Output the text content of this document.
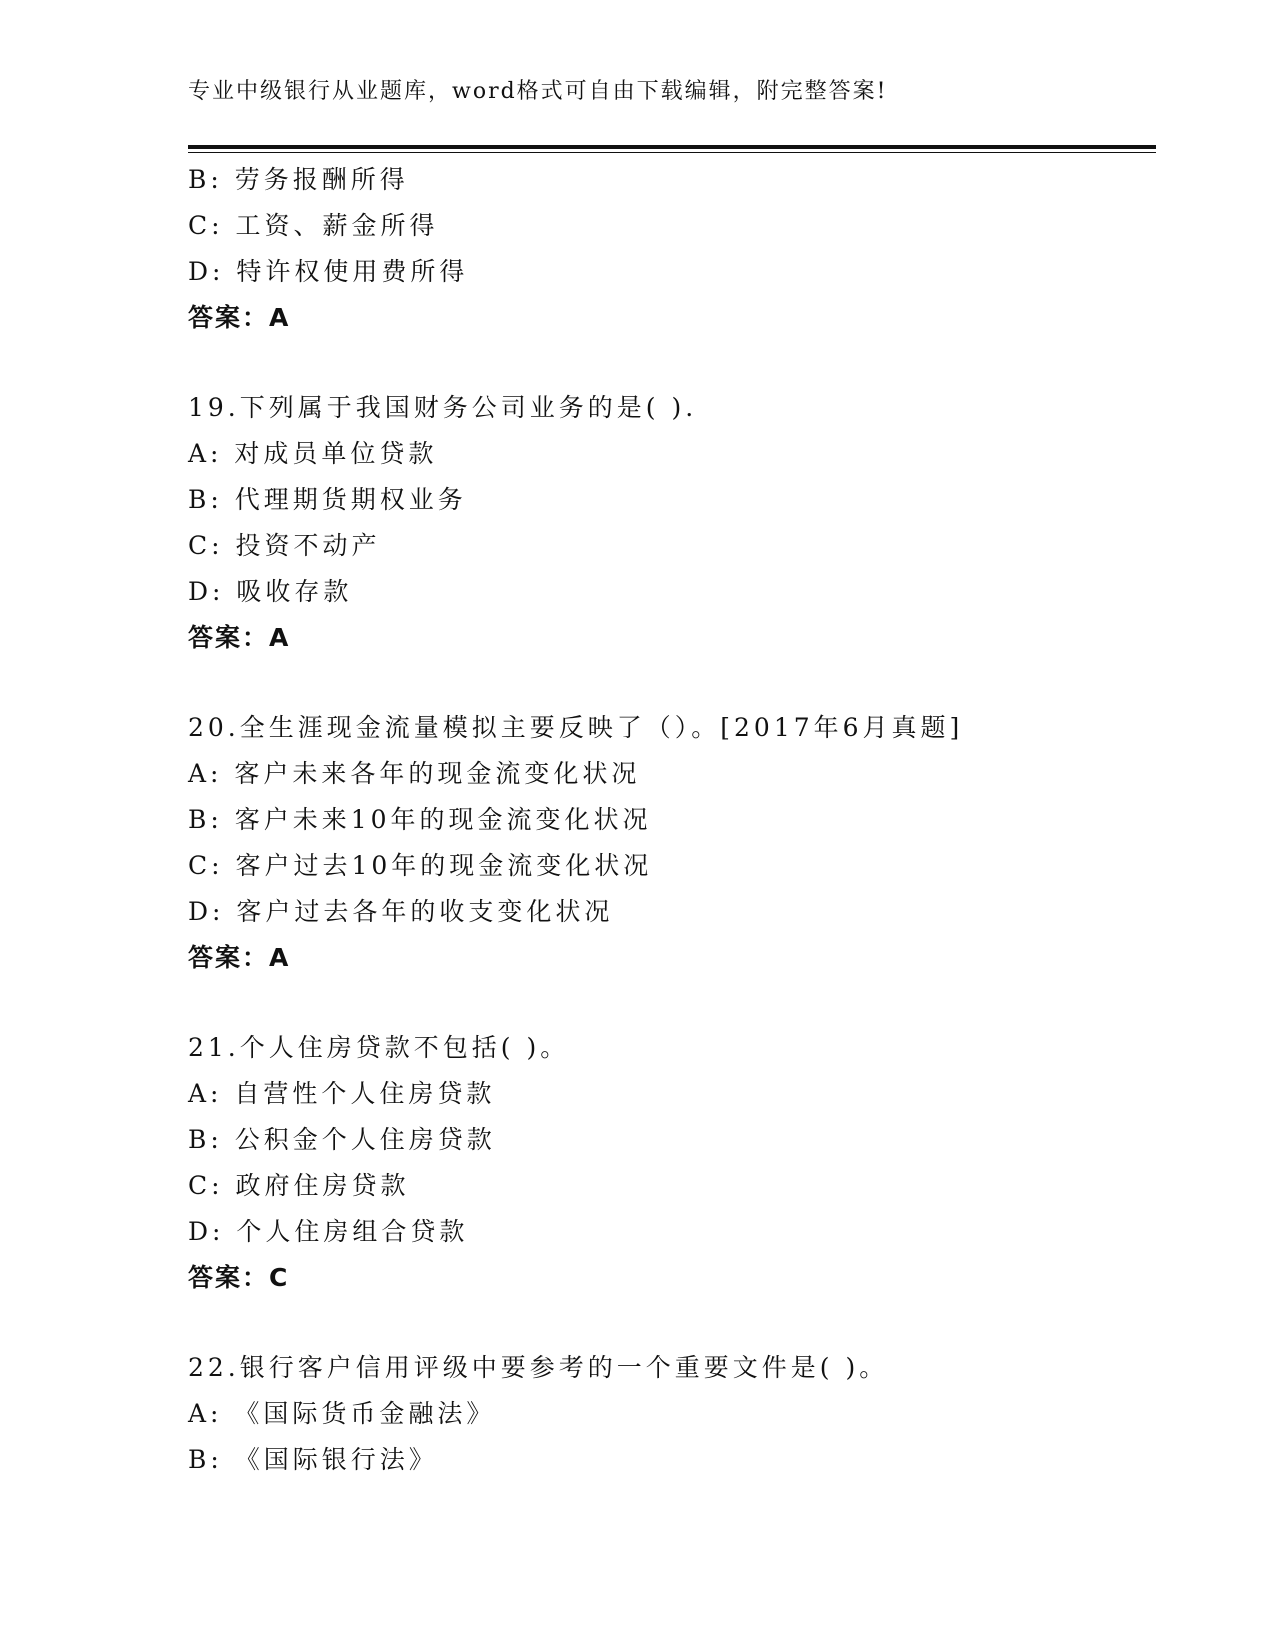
专业中级银行从业题库，word格式可自由下载编辑，附完整答案!
B: 劳务报酬所得
C: 工资、薪金所得
D: 特许权使用费所得
答案：A
19.下列属于我国财务公司业务的是( ).
A: 对成员单位贷款
B: 代理期货期权业务
C: 投资不动产
D: 吸收存款
答案：A
20.全生涯现金流量模拟主要反映了（）。[2017年6月真题]
A: 客户未来各年的现金流变化状况
B: 客户未来10年的现金流变化状况
C: 客户过去10年的现金流变化状况
D: 客户过去各年的收支变化状况
答案：A
21.个人住房贷款不包括( )。
A: 自营性个人住房贷款
B: 公积金个人住房贷款
C: 政府住房贷款
D: 个人住房组合贷款
答案：C
22.银行客户信用评级中要参考的一个重要文件是( )。
A: 《国际货币金融法》
B: 《国际银行法》
